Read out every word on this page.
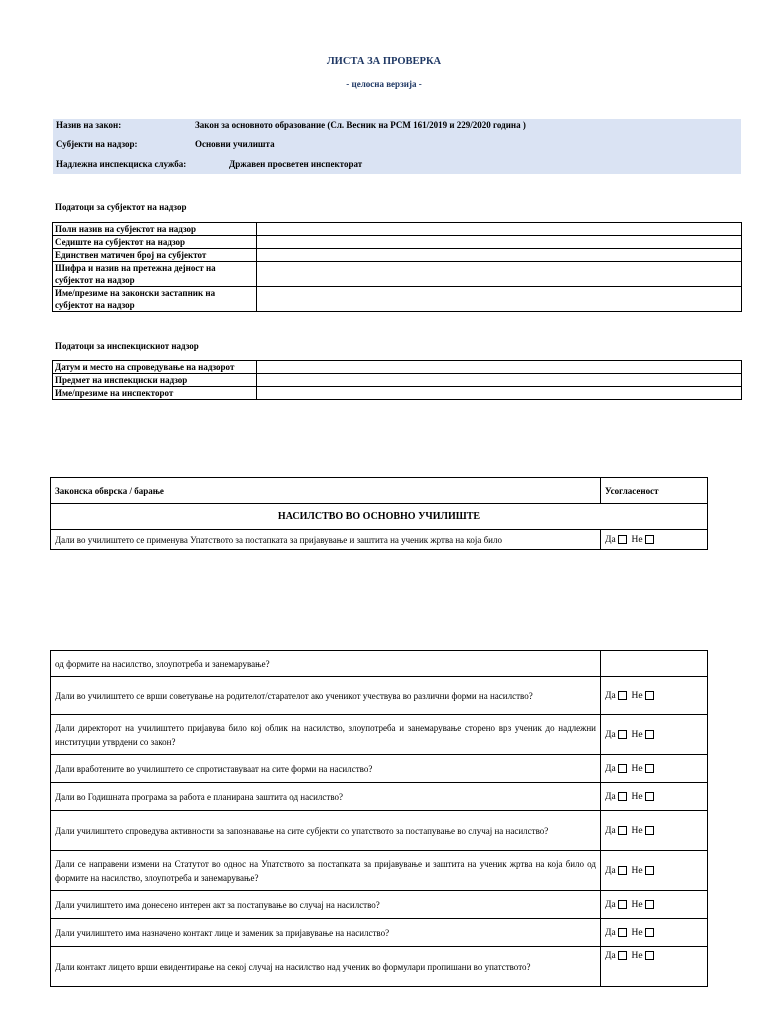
ЛИСТА ЗА ПРОВЕРКА
- целосна верзија -
Назив на закон:	Закон за основното образование (Сл. Весник на РСМ 161/2019 и 229/2020 година )
Субјекти на надзор:	Основни училишта
Надлежна инспекциска служба:	Државен просветен инспекторат
Податоци за субјектот на надзор
Полн назив на субјектот на надзор	
Седиште на субјектот на надзор	
Единствен матичен број на субјектот	
Шифра и назив на претежна дејност на субјектот на надзор	
Име/презиме на законски застапник на субјектот на надзор	
Податоци за инспекцискиот надзор
Датум и место на спроведување на надзорот	
Предмет на инспекциски надзор	
Име/презиме на инспекторот	
Законска обврска / барање	Усогласеност
НАСИЛСТВО ВО ОСНОВНО УЧИЛИШТЕ	
Дали во училиштето се применува Упатството за постапката за пријавување и заштита на ученик жртва на која било	Да Не
од формите на насилство, злоупотреба и занемарување?	
Дали во училиштето се врши советување на родителот/старателот ако ученикот учествува во различни форми на насилство?	Да Не
Дали директорот на училиштето пријавува било кој облик на насилство, злоупотреба и занемарување сторено врз ученик до надлежни институции утврдени со закон?	Да Не
Дали вработените во училиштето се спротиставуваат на сите форми на насилство?	Да Не
Дали во Годишната програма за работа е планирана заштита од насилство?	Да Не
Дали училиштето спроведува активности за запознавање на сите субјекти со упатството за постапување во случај на насилство?	Да Не
Дали се направени измени на Статутот во однос на Упатството за постапката за пријавување и заштита на ученик жртва на која било од формите на насилство, злоупотреба и занемарување?	Да Не
Дали училиштето има донесено интерен акт за постапување во случај на насилство?	Да Не
Дали училиштето има назначено контакт лице и заменик за пријавување на насилство?	Да Не
Дали контакт лицето врши евидентирање на секој случај на насилство над ученик во формулари пропишани во упатството?	Да Не
